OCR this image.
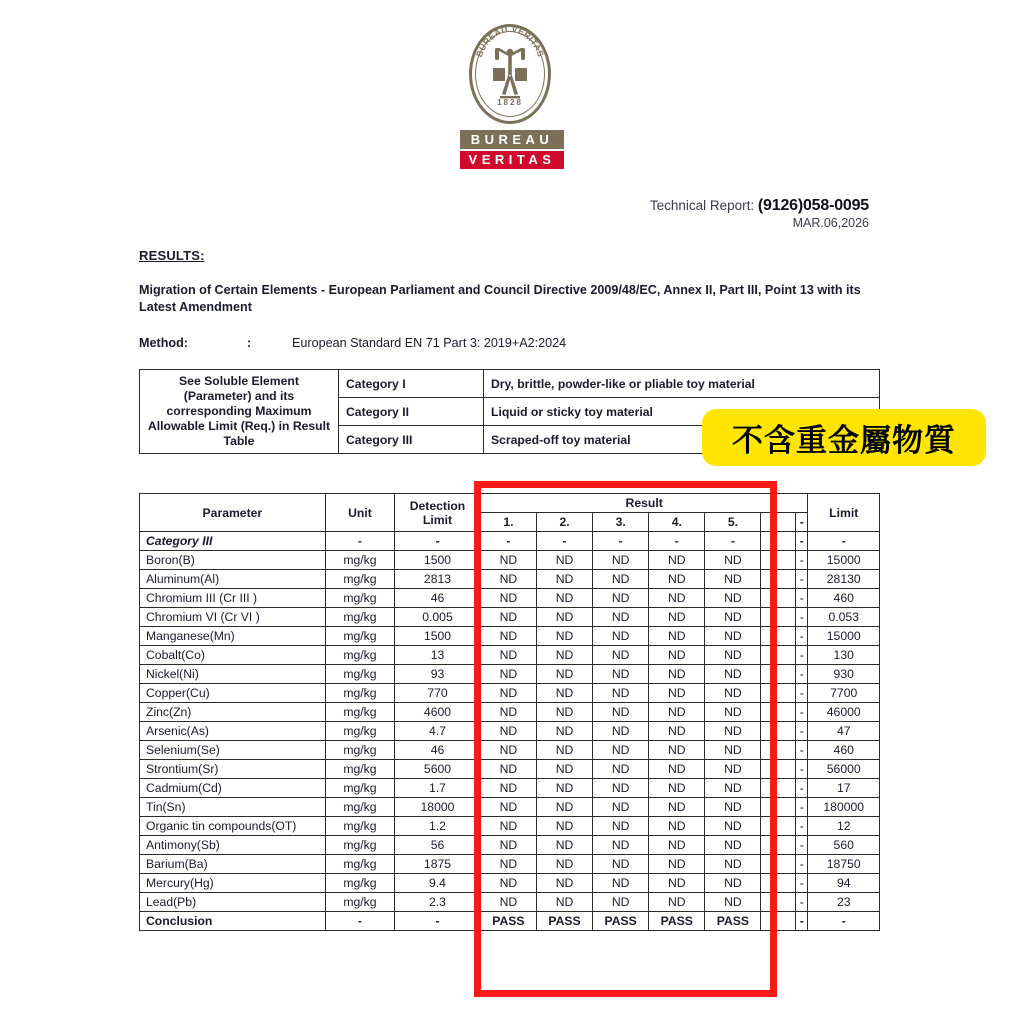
BUREAU VERITAS
1828
BUREAU
VERITAS
Technical Report: (9126)058-0095
MAR.06,2026
RESULTS:
Migration of Certain Elements - European Parliament and Council Directive 2009/48/EC, Annex II, Part III, Point 13 with its Latest Amendment
Method:	:	European Standard EN 71 Part 3: 2019+A2:2024
See Soluble Element (Parameter) and its corresponding Maximum Allowable Limit (Req.) in Result Table	Category I	Dry, brittle, powder-like or pliable toy material
	Category II	Liquid or sticky toy material
	Category III	Scraped-off toy material
Parameter	Unit	Detection Limit	Result							Limit
			1.	2.	3.	4.	5.		-	
Category III	-	-	-	-	-	-	-		-	-
Boron(B)	mg/kg	1500	ND	ND	ND	ND	ND		-	15000
Aluminum(Al)	mg/kg	2813	ND	ND	ND	ND	ND		-	28130
Chromium III (Cr III )	mg/kg	46	ND	ND	ND	ND	ND		-	460
Chromium VI (Cr VI )	mg/kg	0.005	ND	ND	ND	ND	ND		-	0.053
Manganese(Mn)	mg/kg	1500	ND	ND	ND	ND	ND		-	15000
Cobalt(Co)	mg/kg	13	ND	ND	ND	ND	ND		-	130
Nickel(Ni)	mg/kg	93	ND	ND	ND	ND	ND		-	930
Copper(Cu)	mg/kg	770	ND	ND	ND	ND	ND		-	7700
Zinc(Zn)	mg/kg	4600	ND	ND	ND	ND	ND		-	46000
Arsenic(As)	mg/kg	4.7	ND	ND	ND	ND	ND		-	47
Selenium(Se)	mg/kg	46	ND	ND	ND	ND	ND		-	460
Strontium(Sr)	mg/kg	5600	ND	ND	ND	ND	ND		-	56000
Cadmium(Cd)	mg/kg	1.7	ND	ND	ND	ND	ND		-	17
Tin(Sn)	mg/kg	18000	ND	ND	ND	ND	ND		-	180000
Organic tin compounds(OT)	mg/kg	1.2	ND	ND	ND	ND	ND		-	12
Antimony(Sb)	mg/kg	56	ND	ND	ND	ND	ND		-	560
Barium(Ba)	mg/kg	1875	ND	ND	ND	ND	ND		-	18750
Mercury(Hg)	mg/kg	9.4	ND	ND	ND	ND	ND		-	94
Lead(Pb)	mg/kg	2.3	ND	ND	ND	ND	ND		-	23
Conclusion	-	-	PASS	PASS	PASS	PASS	PASS		-	-
不含重金屬物質
